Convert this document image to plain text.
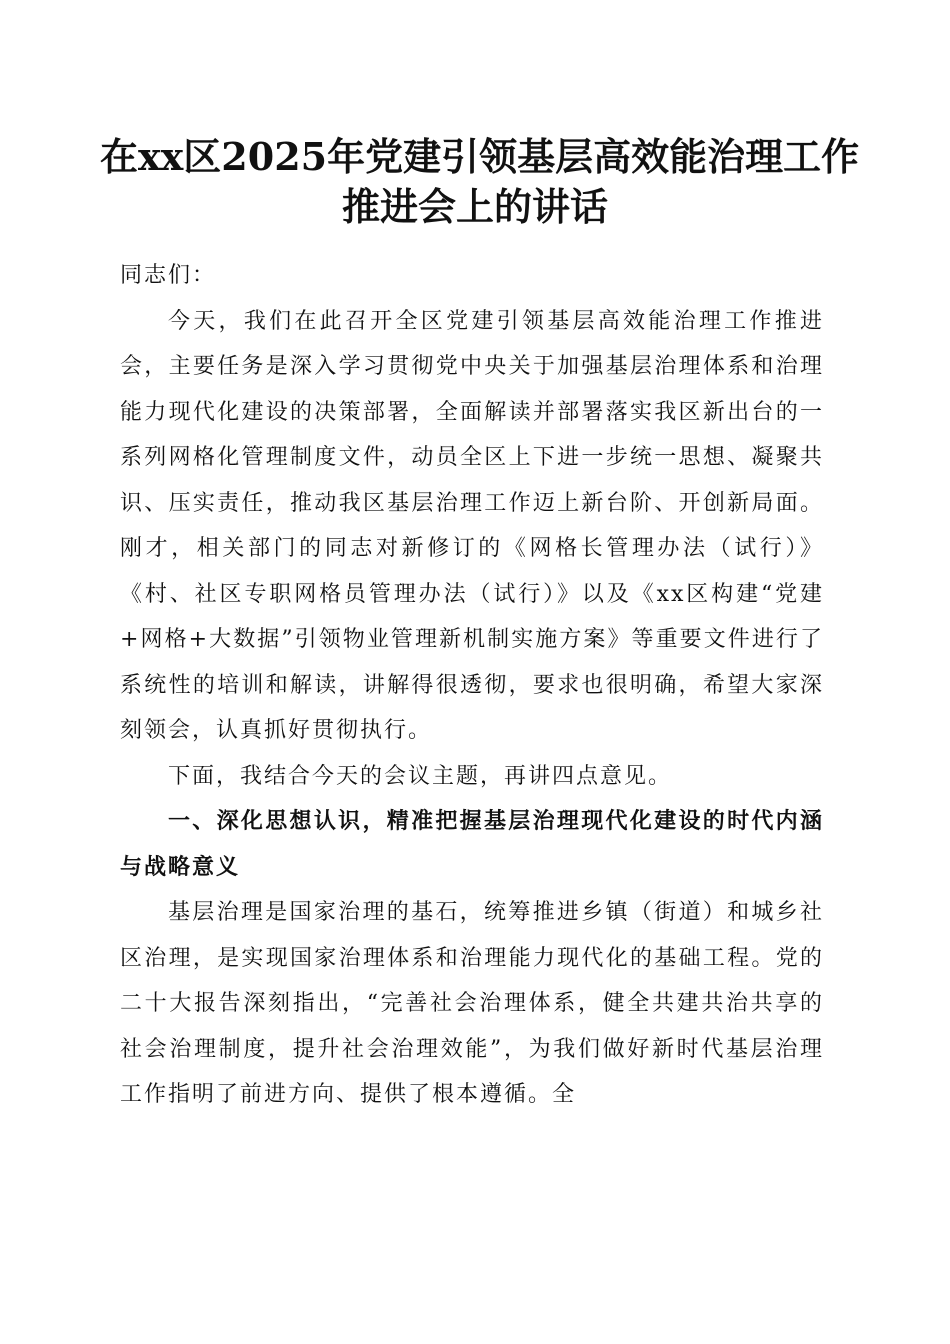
在xx区2025年党建引领基层高效能治理工作
推进会上的讲话

同志们：

今天，我们在此召开全区党建引领基层高效能治理工作推进会，主要任务是深入学习贯彻党中央关于加强基层治理体系和治理能力现代化建设的决策部署，全面解读并部署落实我区新出台的一系列网格化管理制度文件，动员全区上下进一步统一思想、凝聚共识、压实责任，推动我区基层治理工作迈上新台阶、开创新局面。刚才，相关部门的同志对新修订的《网格长管理办法（试行）》《村、社区专职网格员管理办法（试行）》以及《xx区构建“党建+网格+大数据”引领物业管理新机制实施方案》等重要文件进行了系统性的培训和解读，讲解得很透彻，要求也很明确，希望大家深刻领会，认真抓好贯彻执行。

下面，我结合今天的会议主题，再讲四点意见。

一、深化思想认识，精准把握基层治理现代化建设的时代内涵与战略意义

基层治理是国家治理的基石，统筹推进乡镇（街道）和城乡社区治理，是实现国家治理体系和治理能力现代化的基础工程。党的二十大报告深刻指出，“完善社会治理体系，健全共建共治共享的社会治理制度，提升社会治理效能”，为我们做好新时代基层治理工作指明了前进方向、提供了根本遵循。全
